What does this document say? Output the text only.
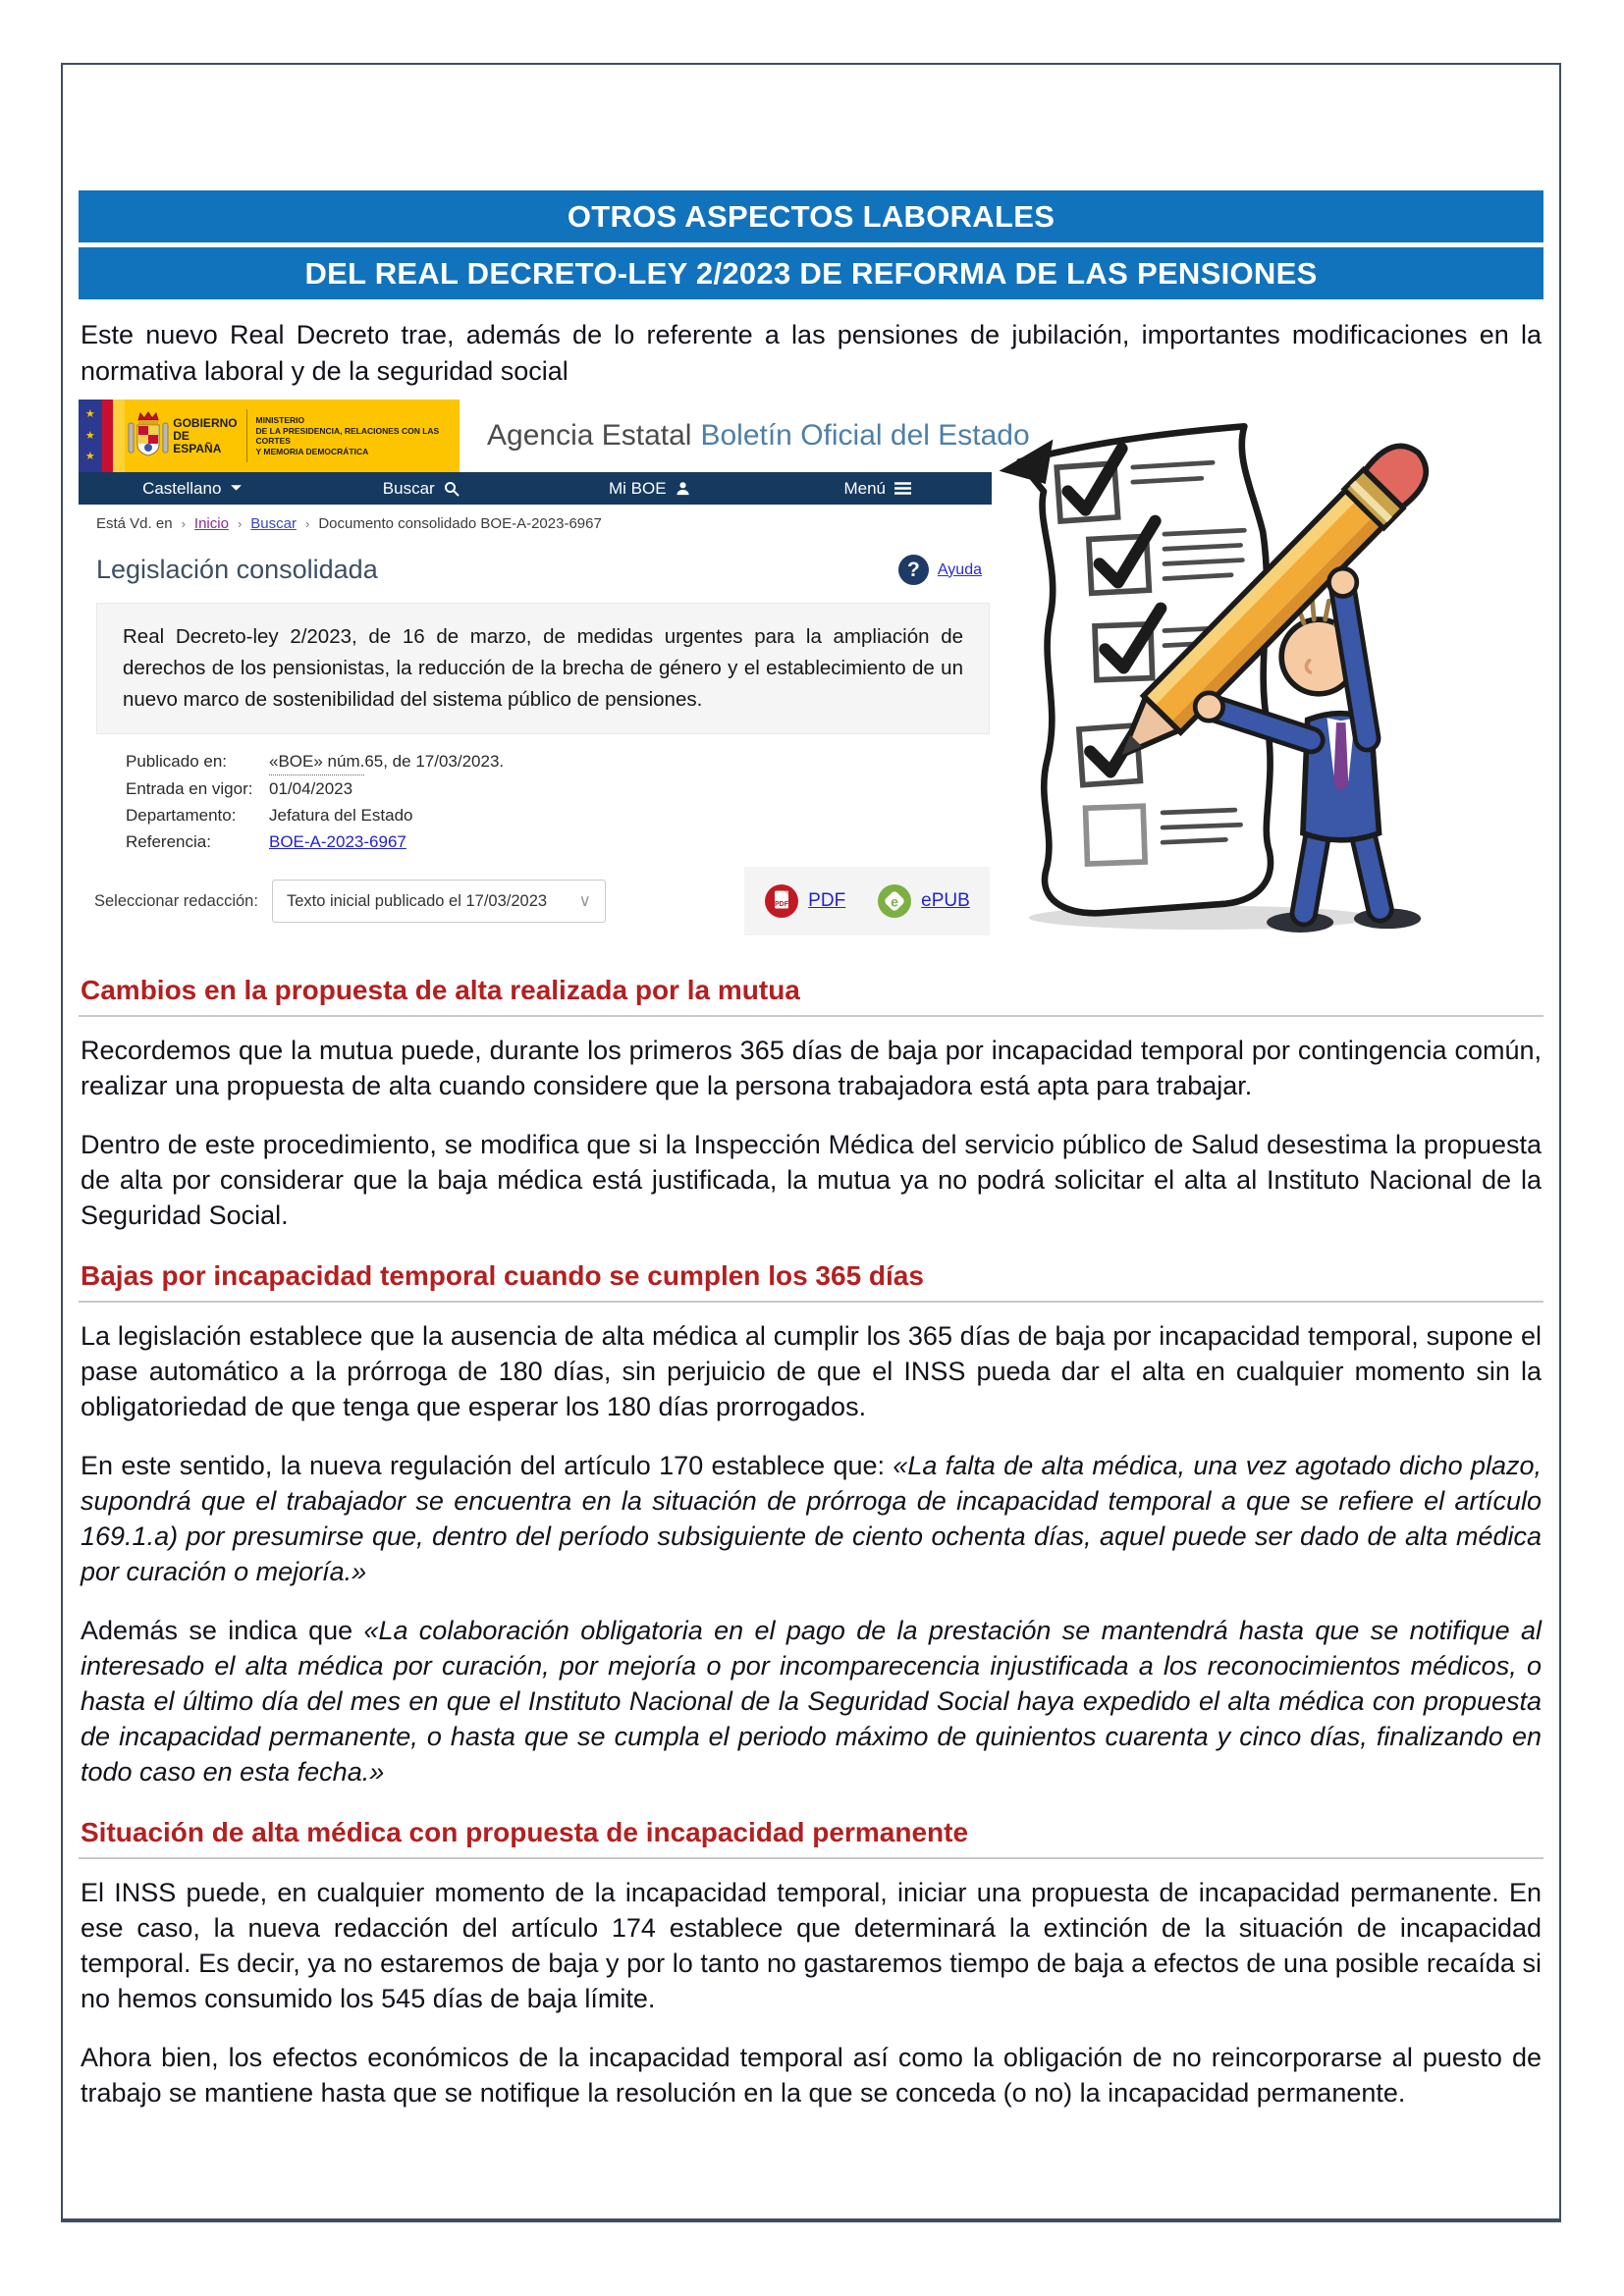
OTROS ASPECTOS LABORALES
DEL REAL DECRETO-LEY 2/2023 DE REFORMA DE LAS PENSIONES

Este nuevo Real Decreto trae, además de lo referente a las pensiones de jubilación, importantes modificaciones en la normativa laboral y de la seguridad social

★
★
★
GOBIERNO
DE ESPAÑA
MINISTERIO
DE LA PRESIDENCIA, RELACIONES CON LAS CORTES
Y MEMORIA DEMOCRÁTICA	Agencia Estatal Boletín Oficial del Estado
Castellano	Buscar	Mi BOE	Menú
Está Vd. en › Inicio › Buscar › Documento consolidado BOE-A-2023-6967
Legislación consolidada	?	Ayuda
Real Decreto-ley 2/2023, de 16 de marzo, de medidas urgentes para la ampliación de derechos de los pensionistas, la reducción de la brecha de género y el establecimiento de un nuevo marco de sostenibilidad del sistema público de pensiones.
Publicado en:	«BOE» núm. 65, de 17/03/2023.
Entrada en vigor: 01/04/2023
Departamento:	Jefatura del Estado
Referencia:	BOE-A-2023-6967
Seleccionar redacción: Texto inicial publicado el 17/03/2023 ∨	PDF PDF	e ePUB
Cambios en la propuesta de alta realizada por la mutua

Recordemos que la mutua puede, durante los primeros 365 días de baja por incapacidad temporal por contingencia común, realizar una propuesta de alta cuando considere que la persona trabajadora está apta para trabajar.

Dentro de este procedimiento, se modifica que si la Inspección Médica del servicio público de Salud desestima la propuesta de alta por considerar que la baja médica está justificada, la mutua ya no podrá solicitar el alta al Instituto Nacional de la Seguridad Social.

Bajas por incapacidad temporal cuando se cumplen los 365 días

La legislación establece que la ausencia de alta médica al cumplir los 365 días de baja por incapacidad temporal, supone el pase automático a la prórroga de 180 días, sin perjuicio de que el INSS pueda dar el alta en cualquier momento sin la obligatoriedad de que tenga que esperar los 180 días prorrogados.

En este sentido, la nueva regulación del artículo 170 establece que: «La falta de alta médica, una vez agotado dicho plazo, supondrá que el trabajador se encuentra en la situación de prórroga de incapacidad temporal a que se refiere el artículo 169.1.a) por presumirse que, dentro del período subsiguiente de ciento ochenta días, aquel puede ser dado de alta médica por curación o mejoría.»

Además se indica que «La colaboración obligatoria en el pago de la prestación se mantendrá hasta que se notifique al interesado el alta médica por curación, por mejoría o por incomparecencia injustificada a los reconocimientos médicos, o hasta el último día del mes en que el Instituto Nacional de la Seguridad Social haya expedido el alta médica con propuesta de incapacidad permanente, o hasta que se cumpla el periodo máximo de quinientos cuarenta y cinco días, finalizando en todo caso en esta fecha.»

Situación de alta médica con propuesta de incapacidad permanente

El INSS puede, en cualquier momento de la incapacidad temporal, iniciar una propuesta de incapacidad permanente. En ese caso, la nueva redacción del artículo 174 establece que determinará la extinción de la situación de incapacidad temporal. Es decir, ya no estaremos de baja y por lo tanto no gastaremos tiempo de baja a efectos de una posible recaída si no hemos consumido los 545 días de baja límite.

Ahora bien, los efectos económicos de la incapacidad temporal así como la obligación de no reincorporarse al puesto de trabajo se mantiene hasta que se notifique la resolución en la que se conceda (o no) la incapacidad permanente.
